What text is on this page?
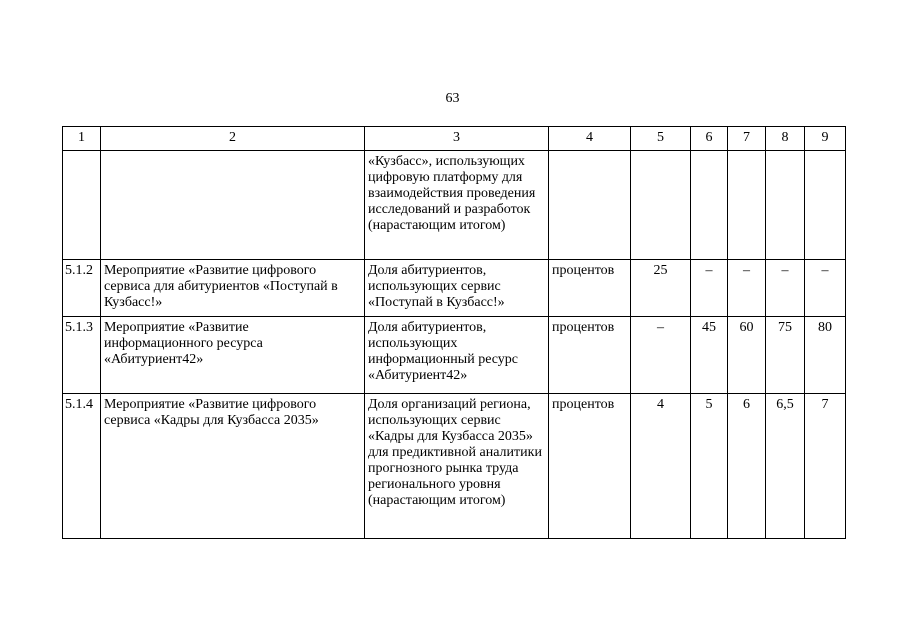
63
1	2	3	4	5	6	7	8	9
		«Кузбасс», использующих цифровую платформу для взаимодействия проведения исследований и разработок (нарастающим итогом)						
5.1.2	Мероприятие «Развитие цифрового сервиса для абитуриентов «Поступай в Кузбасс!»	Доля абитуриентов, использующих сервис «Поступай в Кузбасс!»	процентов	25	–	–	–	–
5.1.3	Мероприятие «Развитие информационного ресурса «Абитуриент42»	Доля абитуриентов, использующих информационный ресурс «Абитуриент42»	процентов	–	45	60	75	80
5.1.4	Мероприятие «Развитие цифрового сервиса «Кадры для Кузбасса 2035»	Доля организаций региона, использующих сервис «Кадры для Кузбасса 2035» для предиктивной аналитики прогнозного рынка труда регионального уровня (нарастающим итогом)	процентов	4	5	6	6,5	7
